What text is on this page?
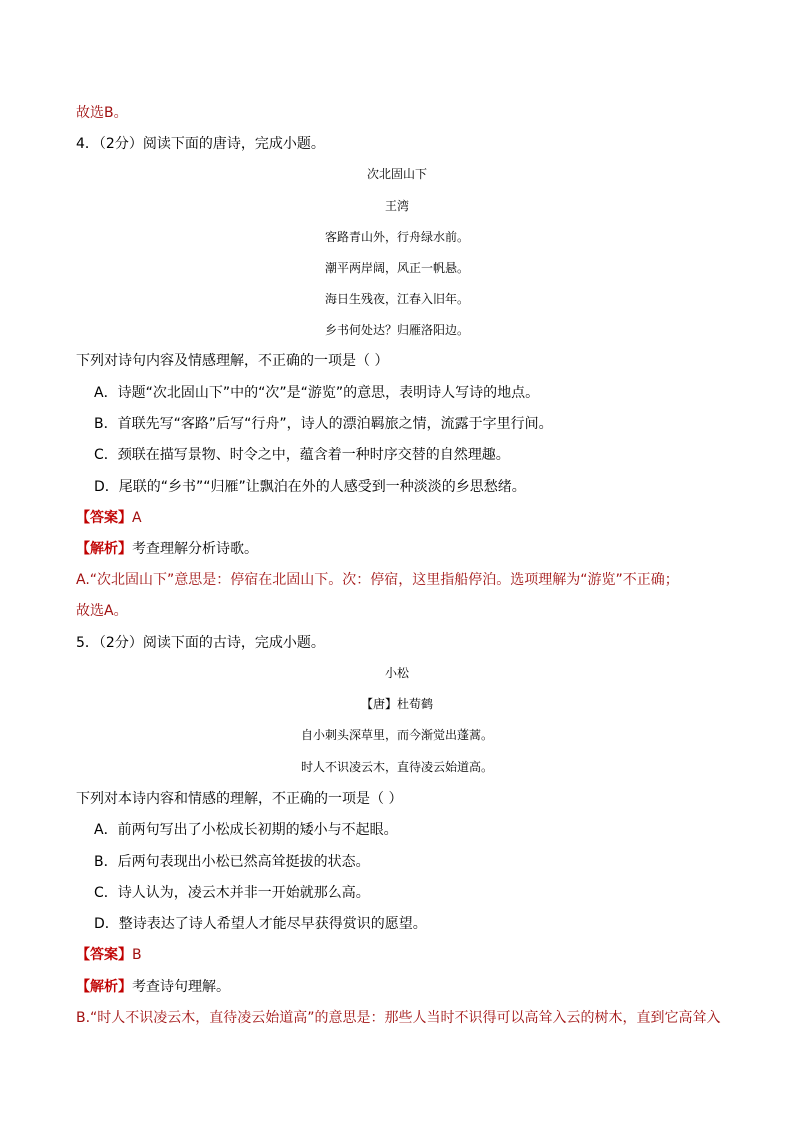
故选B。
4．（2分）阅读下面的唐诗，完成小题。
次北固山下
王湾
客路青山外，行舟绿水前。
潮平两岸阔，风正一帆悬。
海日生残夜，江春入旧年。
乡书何处达？归雁洛阳边。
下列对诗句内容及情感理解，不正确的一项是（ ）
A．诗题“次北固山下”中的“次”是“游览”的意思，表明诗人写诗的地点。
B．首联先写“客路”后写“行舟”，诗人的漂泊羁旅之情，流露于字里行间。
C．颈联在描写景物、时令之中，蕴含着一种时序交替的自然理趣。
D．尾联的“乡书”“归雁”让飘泊在外的人感受到一种淡淡的乡思愁绪。
【答案】A
【解析】考查理解分析诗歌。
A.“次北固山下”意思是：停宿在北固山下。次：停宿，这里指船停泊。选项理解为“游览”不正确；
故选A。
5．（2分）阅读下面的古诗，完成小题。
小松
【唐】杜荀鹤
自小刺头深草里，而今渐觉出蓬蒿。
时人不识凌云木，直待凌云始道高。
下列对本诗内容和情感的理解，不正确的一项是（ ）
A．前两句写出了小松成长初期的矮小与不起眼。
B．后两句表现出小松已然高耸挺拔的状态。
C．诗人认为，凌云木并非一开始就那么高。
D．整诗表达了诗人希望人才能尽早获得赏识的愿望。
【答案】B
【解析】考查诗句理解。
B.“时人不识凌云木，直待凌云始道高”的意思是：那些人当时不识得可以高耸入云的树木，直到它高耸入
